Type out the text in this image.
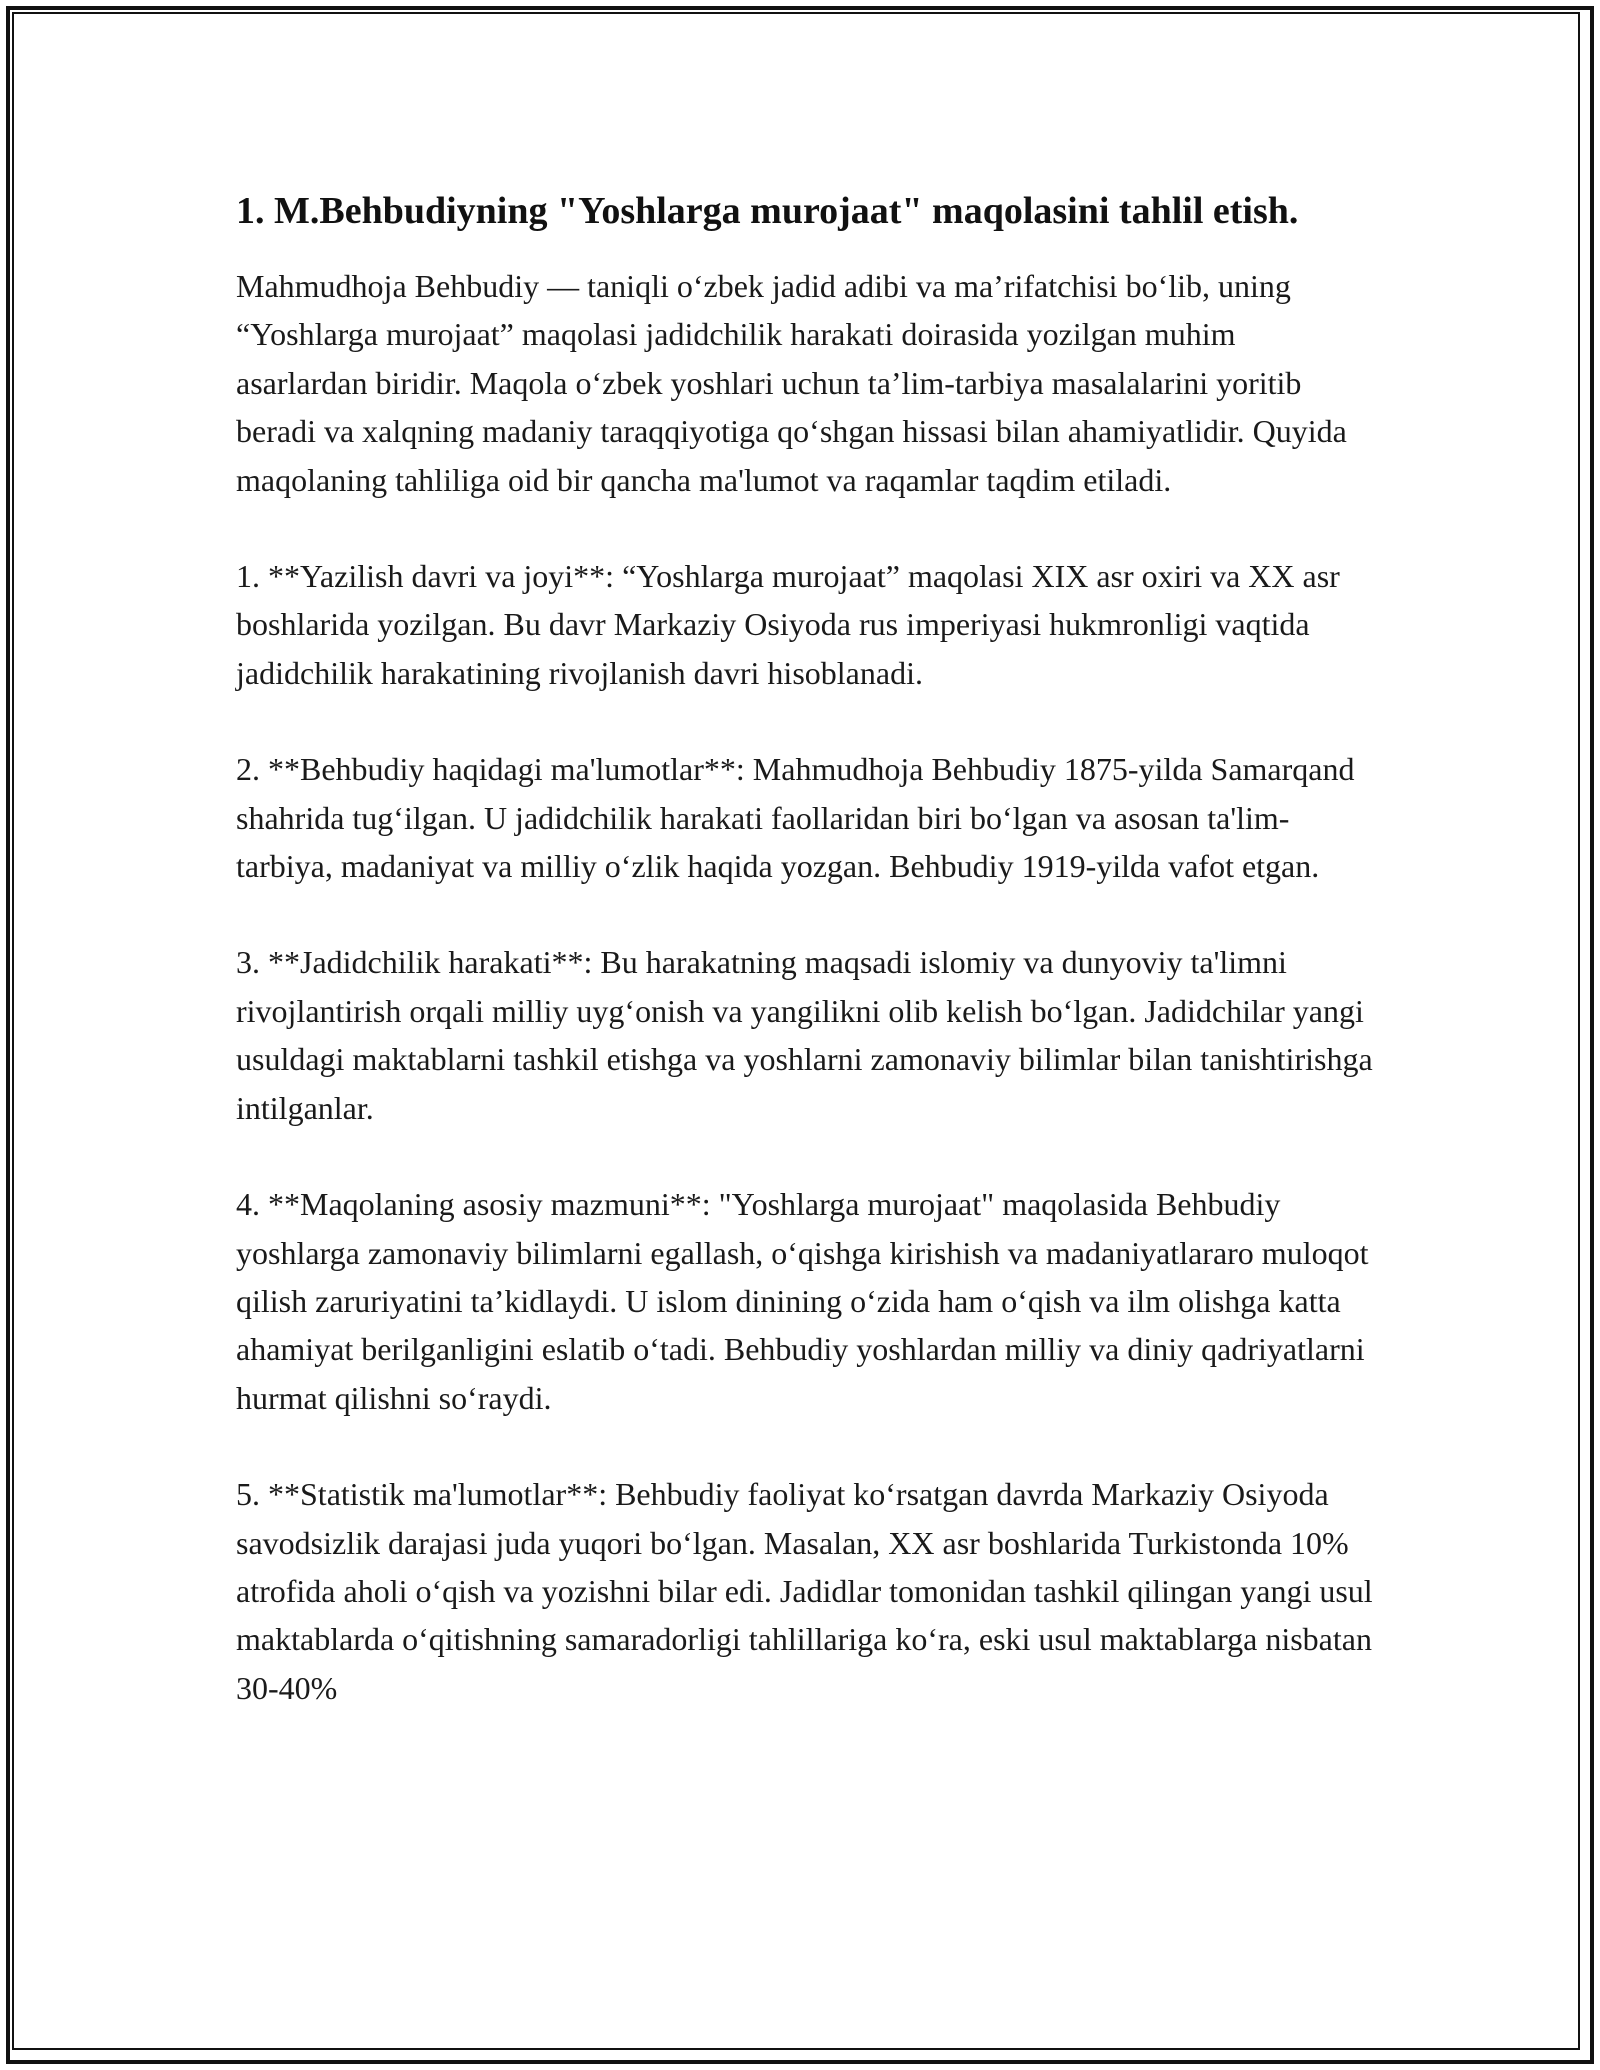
1. M.Behbudiyning "Yoshlarga murojaat" maqolasini tahlil etish.

Mahmudhoja Behbudiy — taniqli o‘zbek jadid adibi va ma’rifatchisi bo‘lib, uning “Yoshlarga murojaat” maqolasi jadidchilik harakati doirasida yozilgan muhim asarlardan biridir. Maqola o‘zbek yoshlari uchun ta’lim-tarbiya masalalarini yoritib beradi va xalqning madaniy taraqqiyotiga qo‘shgan hissasi bilan ahamiyatlidir. Quyida maqolaning tahliliga oid bir qancha ma'lumot va raqamlar taqdim etiladi.

1. **Yazilish davri va joyi**: “Yoshlarga murojaat” maqolasi XIX asr oxiri va XX asr boshlarida yozilgan. Bu davr Markaziy Osiyoda rus imperiyasi hukmronligi vaqtida jadidchilik harakatining rivojlanish davri hisoblanadi.

2. **Behbudiy haqidagi ma'lumotlar**: Mahmudhoja Behbudiy 1875-yilda Samarqand shahrida tug‘ilgan. U jadidchilik harakati faollaridan biri bo‘lgan va asosan ta'lim-tarbiya, madaniyat va milliy o‘zlik haqida yozgan. Behbudiy 1919-yilda vafot etgan.

3. **Jadidchilik harakati**: Bu harakatning maqsadi islomiy va dunyoviy ta'limni rivojlantirish orqali milliy uyg‘onish va yangilikni olib kelish bo‘lgan. Jadidchilar yangi usuldagi maktablarni tashkil etishga va yoshlarni zamonaviy bilimlar bilan tanishtirishga intilganlar.

4. **Maqolaning asosiy mazmuni**: "Yoshlarga murojaat" maqolasida Behbudiy yoshlarga zamonaviy bilimlarni egallash, o‘qishga kirishish va madaniyatlararo muloqot qilish zaruriyatini ta’kidlaydi. U islom dinining o‘zida ham o‘qish va ilm olishga katta ahamiyat berilganligini eslatib o‘tadi. Behbudiy yoshlardan milliy va diniy qadriyatlarni hurmat qilishni so‘raydi.

5. **Statistik ma'lumotlar**: Behbudiy faoliyat ko‘rsatgan davrda Markaziy Osiyoda savodsizlik darajasi juda yuqori bo‘lgan. Masalan, XX asr boshlarida Turkistonda 10% atrofida aholi o‘qish va yozishni bilar edi. Jadidlar tomonidan tashkil qilingan yangi usul maktablarda o‘qitishning samaradorligi tahlillariga ko‘ra, eski usul maktablarga nisbatan 30-40%
